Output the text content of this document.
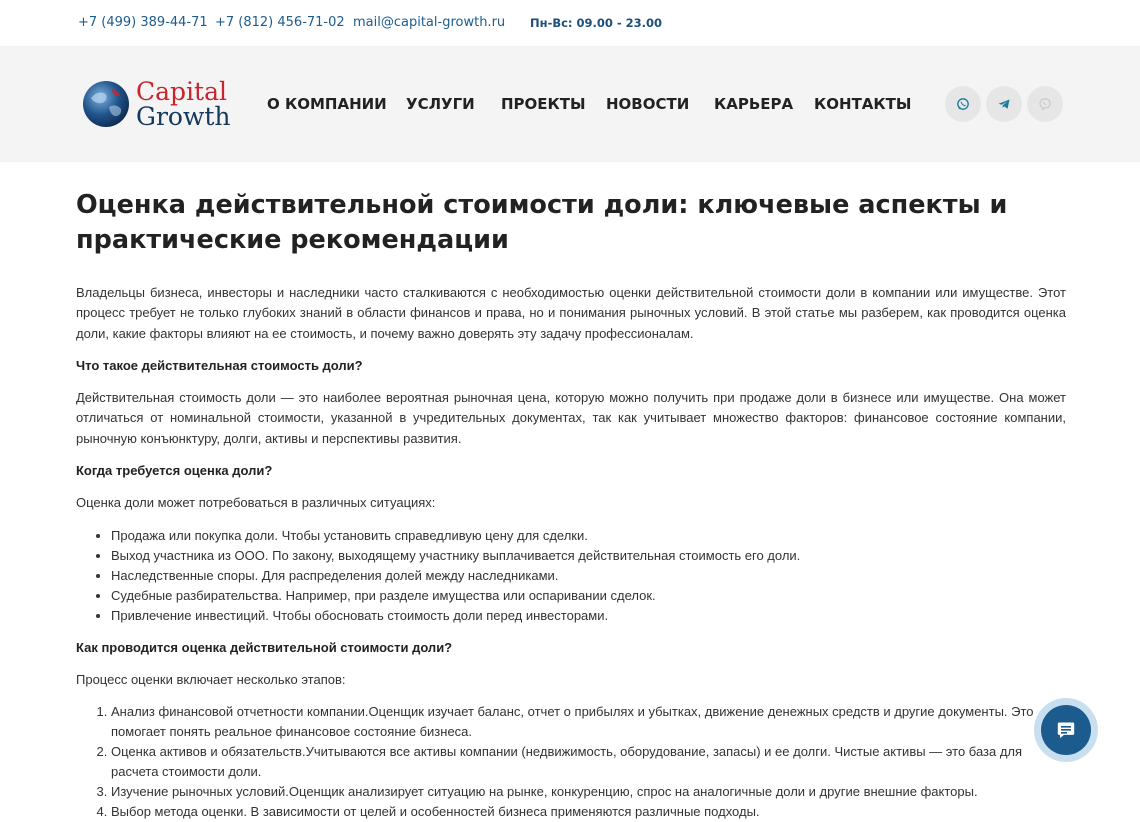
+7 (499) 389-44-71 +7 (812) 456-71-02 mail@capital-growth.ru Пн-Вс: 09.00 - 23.00
Capital
Growth О КОМПАНИИ УСЛУГИ ПРОЕКТЫ НОВОСТИ КАРЬЕРА КОНТАКТЫ
Оценка действительной стоимости доли: ключевые аспекты и практические рекомендации

Владельцы бизнеса, инвесторы и наследники часто сталкиваются с необходимостью оценки действительной стоимости доли в компании или имуществе. Этот процесс требует не только глубоких знаний в области финансов и права, но и понимания рыночных условий. В этой статье мы разберем, как проводится оценка доли, какие факторы влияют на ее стоимость, и почему важно доверять эту задачу профессионалам.

Что такое действительная стоимость доли?

Действительная стоимость доли — это наиболее вероятная рыночная цена, которую можно получить при продаже доли в бизнесе или имуществе. Она может отличаться от номинальной стоимости, указанной в учредительных документах, так как учитывает множество факторов: финансовое состояние компании, рыночную конъюнктуру, долги, активы и перспективы развития.

Когда требуется оценка доли?

Оценка доли может потребоваться в различных ситуациях:

• Продажа или покупка доли. Чтобы установить справедливую цену для сделки.
• Выход участника из ООО. По закону, выходящему участнику выплачивается действительная стоимость его доли.
• Наследственные споры. Для распределения долей между наследниками.
• Судебные разбирательства. Например, при разделе имущества или оспаривании сделок.
• Привлечение инвестиций. Чтобы обосновать стоимость доли перед инвесторами.

Как проводится оценка действительной стоимости доли?

Процесс оценки включает несколько этапов:

1. Анализ финансовой отчетности компании.Оценщик изучает баланс, отчет о прибылях и убытках, движение денежных средств и другие документы. Это помогает понять реальное финансовое состояние бизнеса.
2. Оценка активов и обязательств.Учитываются все активы компании (недвижимость, оборудование, запасы) и ее долги. Чистые активы — это база для расчета стоимости доли.
3. Изучение рыночных условий.Оценщик анализирует ситуацию на рынке, конкуренцию, спрос на аналогичные доли и другие внешние факторы.
4. Выбор метода оценки. В зависимости от целей и особенностей бизнеса применяются различные подходы.
